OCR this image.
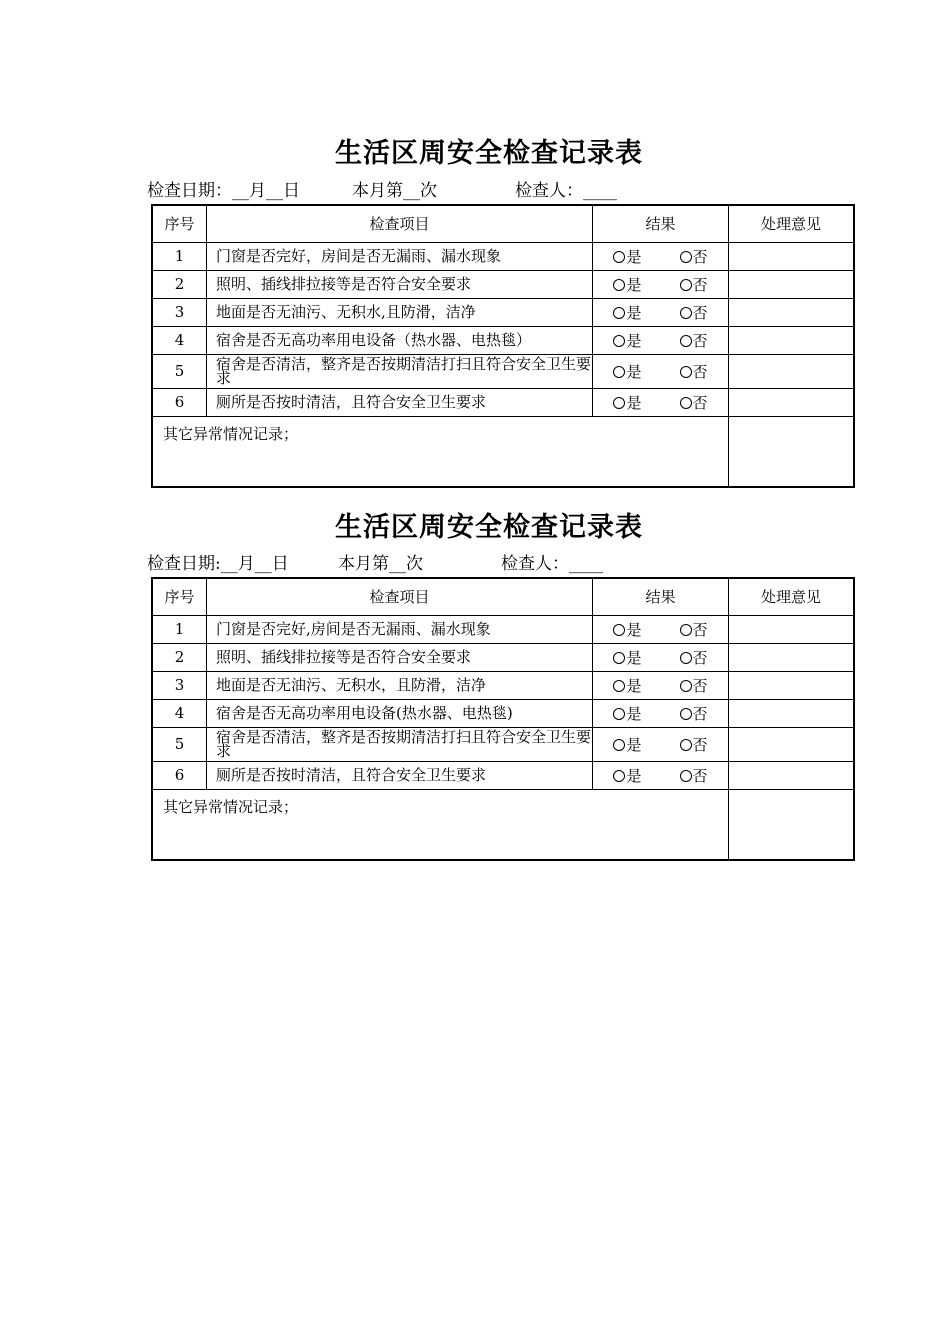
生活区周安全检查记录表
检查日期：__月__日	本月第__次	检查人：____
序号	检查项目	结果	处理意见
1	门窗是否完好，房间是否无漏雨、漏水现象	是 否	
2	照明、插线排拉接等是否符合安全要求	是 否	
3	地面是否无油污、无积水,且防滑，洁净	是 否	
4	宿舍是否无高功率用电设备（热水器、电热毯）	是 否	
5	宿舍是否清洁，整齐是否按期清洁打扫且符合安全卫生要求	是 否	
6	厕所是否按时清洁，且符合安全卫生要求	是 否	
其它异常情况记录；			
生活区周安全检查记录表
检查日期:__月__日	本月第__次	检查人：____
序号	检查项目	结果	处理意见
1	门窗是否完好,房间是否无漏雨、漏水现象	是 否	
2	照明、插线排拉接等是否符合安全要求	是 否	
3	地面是否无油污、无积水，且防滑，洁净	是 否	
4	宿舍是否无高功率用电设备(热水器、电热毯)	是 否	
5	宿舍是否清洁，整齐是否按期清洁打扫且符合安全卫生要求	是 否	
6	厕所是否按时清洁，且符合安全卫生要求	是 否	
其它异常情况记录；			
